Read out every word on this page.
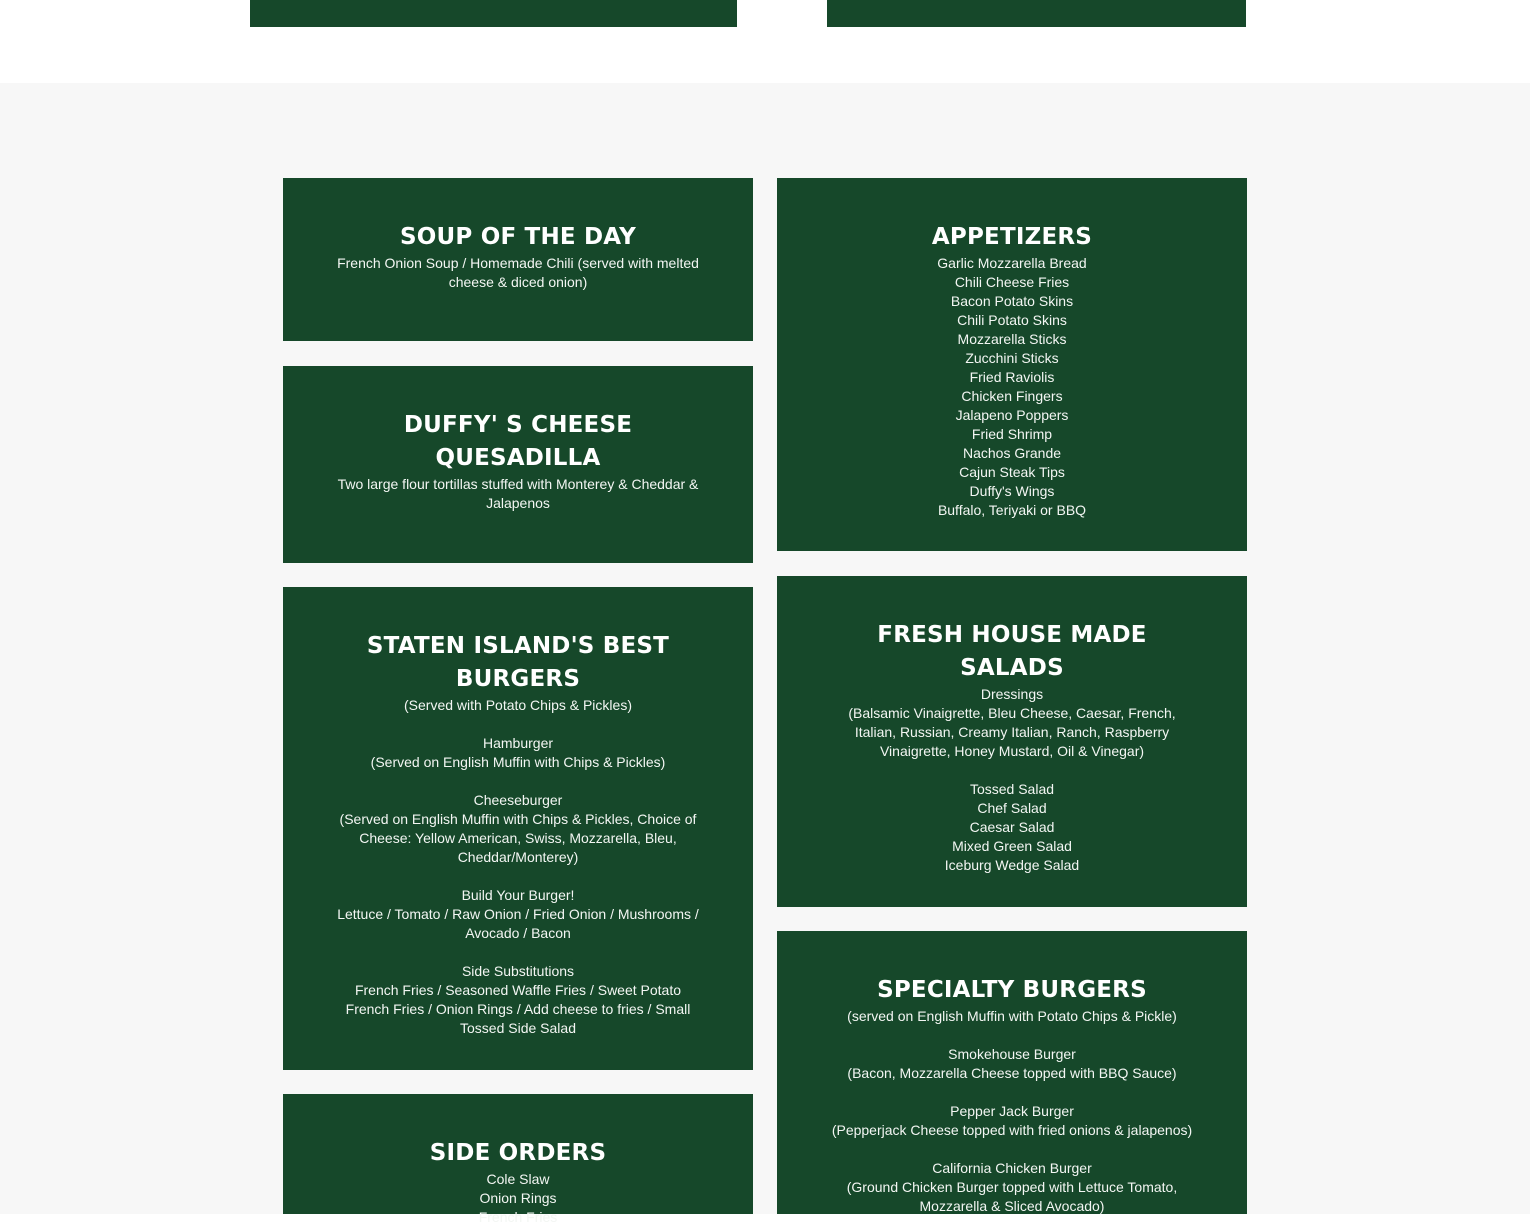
SOUP OF THE DAY

French Onion Soup / Homemade Chili (served with melted cheese & diced onion)

DUFFY' S CHEESE
QUESADILLA

Two large flour tortillas stuffed with Monterey & Cheddar & Jalapenos

STATEN ISLAND'S BEST
BURGERS

(Served with Potato Chips & Pickles)

Hamburger

(Served on English Muffin with Chips & Pickles)

Cheeseburger

(Served on English Muffin with Chips & Pickles, Choice of Cheese: Yellow American, Swiss, Mozzarella, Bleu, Cheddar/Monterey)

Build Your Burger!

Lettuce / Tomato / Raw Onion / Fried Onion / Mushrooms / Avocado / Bacon

Side Substitutions

French Fries / Seasoned Waffle Fries / Sweet Potato French Fries / Onion Rings / Add cheese to fries / Small Tossed Side Salad

SIDE ORDERS

Cole Slaw

Onion Rings

French Fries

APPETIZERS

Garlic Mozzarella Bread

Chili Cheese Fries

Bacon Potato Skins

Chili Potato Skins

Mozzarella Sticks

Zucchini Sticks

Fried Raviolis

Chicken Fingers

Jalapeno Poppers

Fried Shrimp

Nachos Grande

Cajun Steak Tips

Duffy's Wings

Buffalo, Teriyaki or BBQ

FRESH HOUSE MADE
SALADS

Dressings

(Balsamic Vinaigrette, Bleu Cheese, Caesar, French, Italian, Russian, Creamy Italian, Ranch, Raspberry Vinaigrette, Honey Mustard, Oil & Vinegar)

Tossed Salad

Chef Salad

Caesar Salad

Mixed Green Salad

Iceburg Wedge Salad

SPECIALTY BURGERS

(served on English Muffin with Potato Chips & Pickle)

Smokehouse Burger

(Bacon, Mozzarella Cheese topped with BBQ Sauce)

Pepper Jack Burger

(Pepperjack Cheese topped with fried onions & jalapenos)

California Chicken Burger

(Ground Chicken Burger topped with Lettuce Tomato, Mozzarella & Sliced Avocado)
